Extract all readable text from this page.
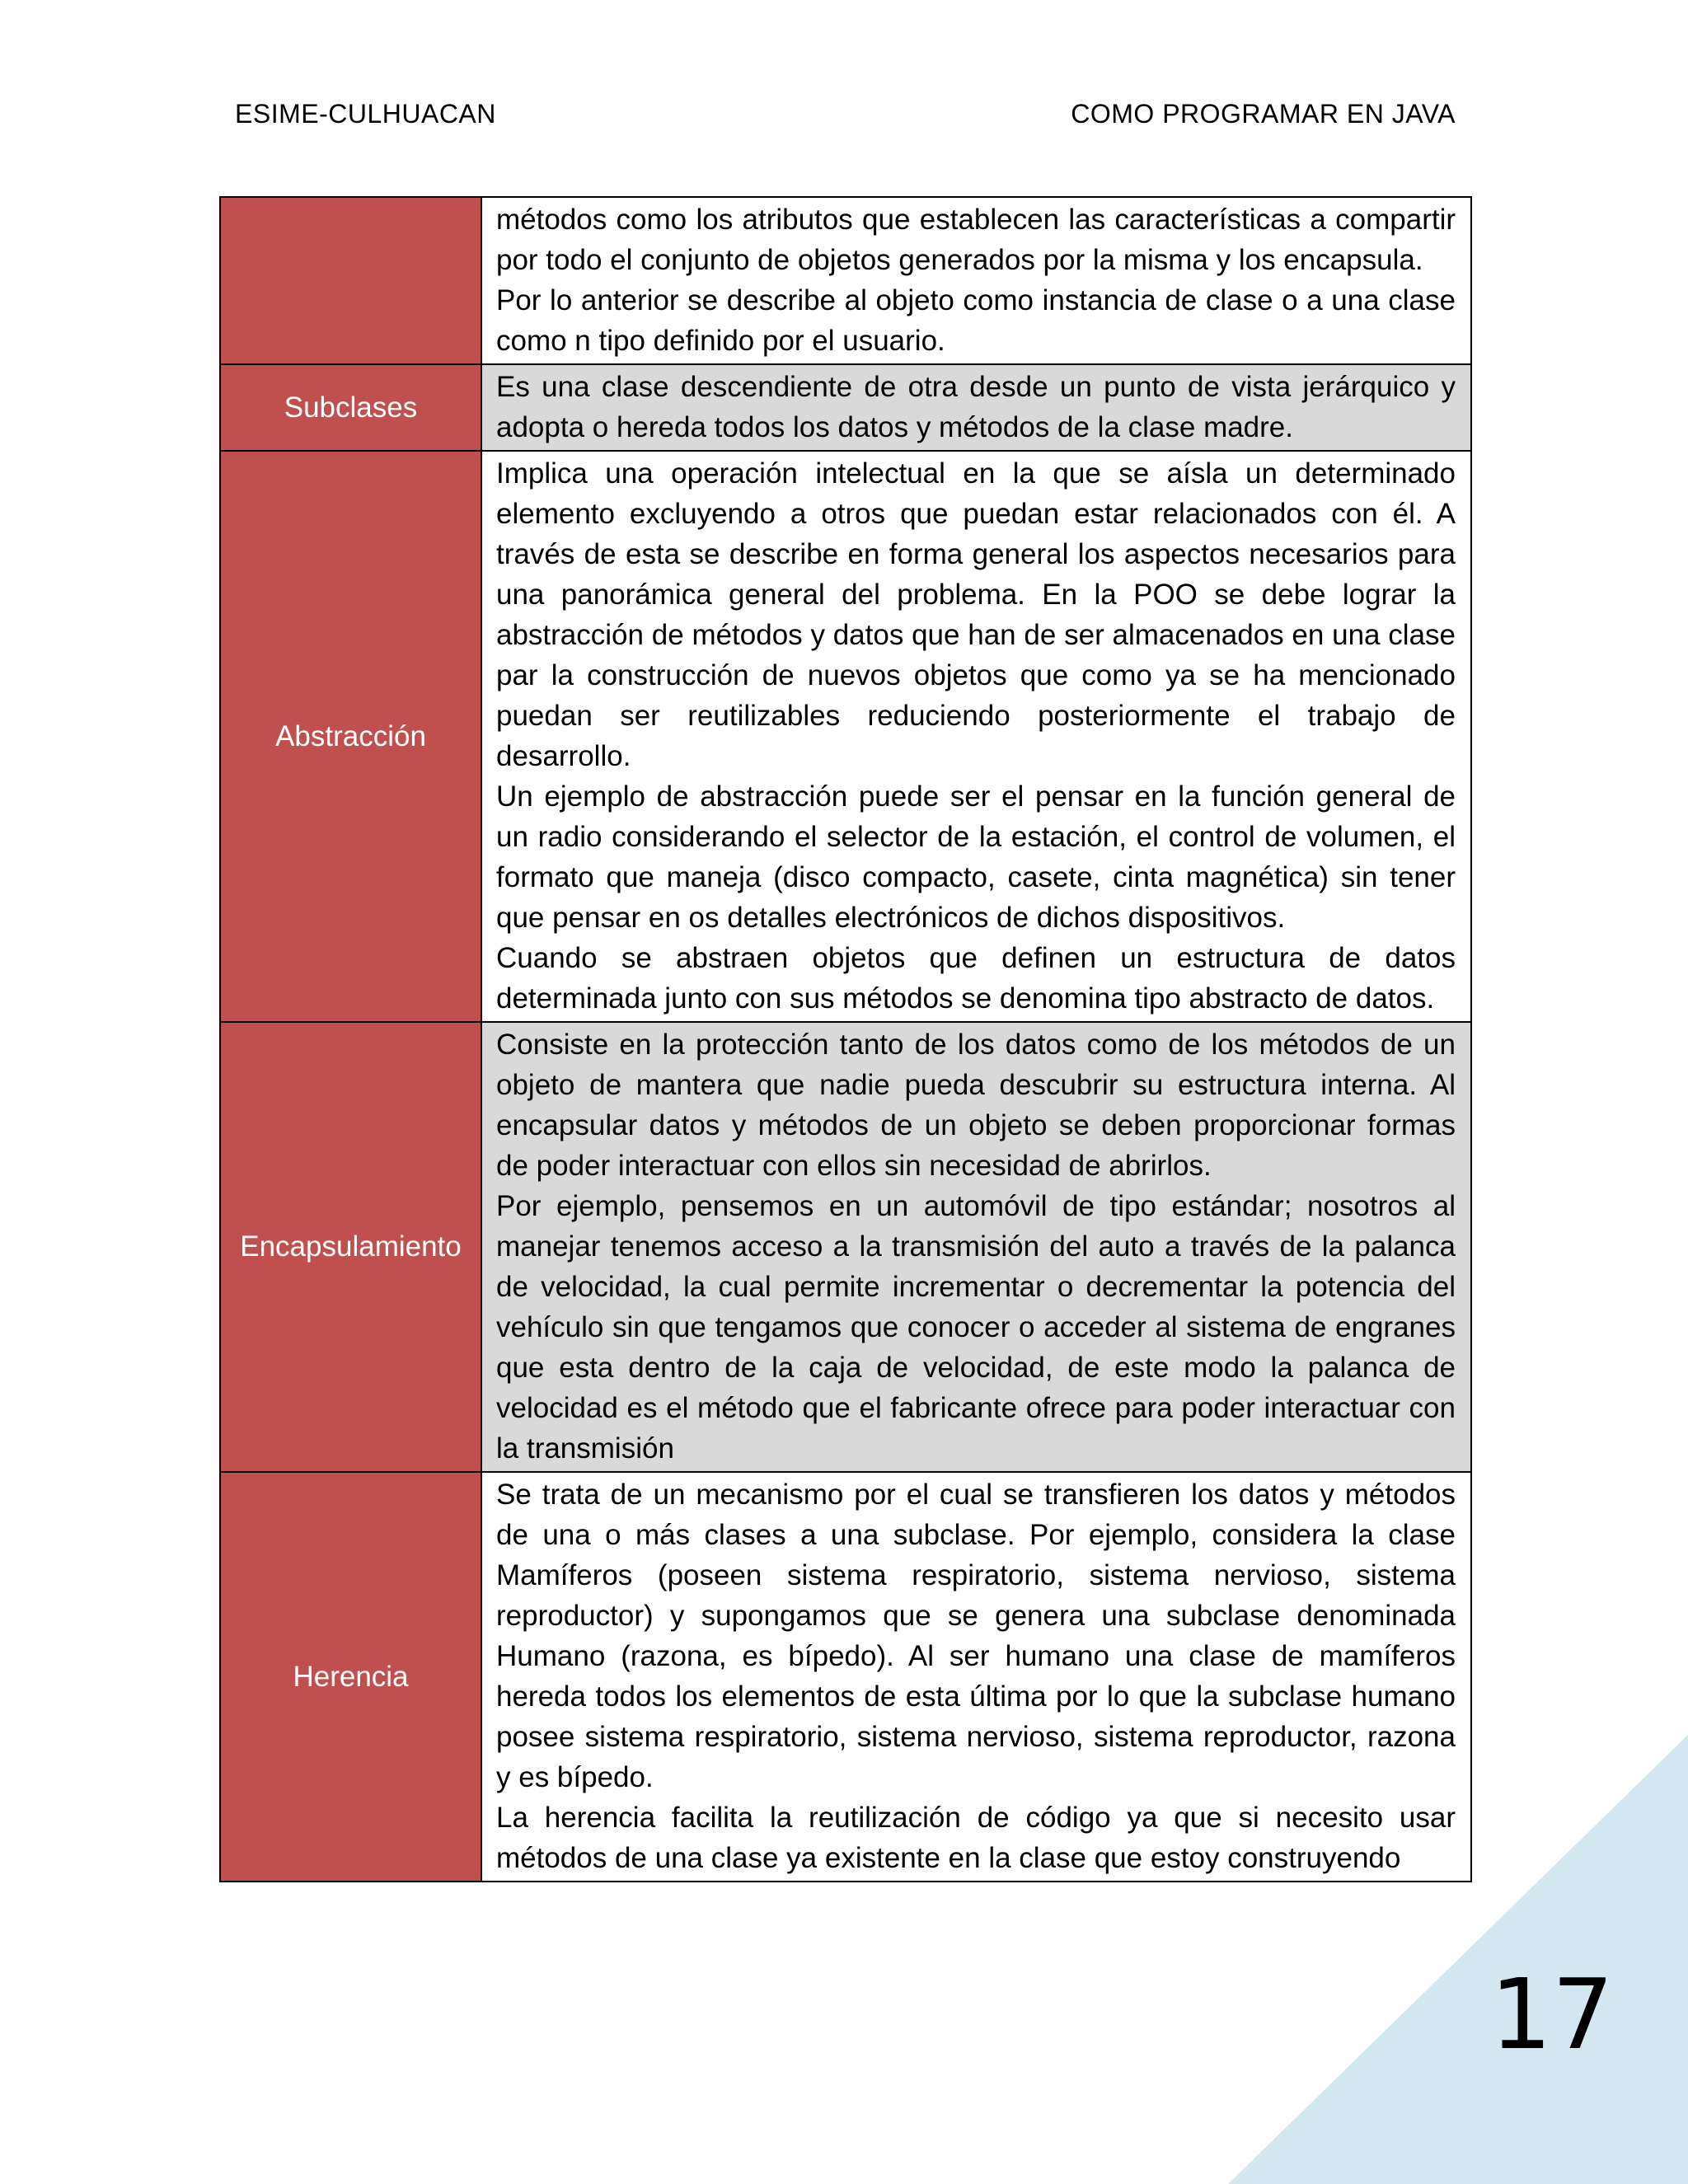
ESIME-CULHUACAN	COMO PROGRAMAR EN JAVA

	métodos como los atributos que establecen las características a compartir por todo el conjunto de objetos generados por la misma y los encapsula.

Por lo anterior se describe al objeto como instancia de clase o a una clase como n tipo definido por el usuario.

Subclases	Es una clase descendiente de otra desde un punto de vista jerárquico y adopta o hereda todos los datos y métodos de la clase madre.

Abstracción	Implica una operación intelectual en la que se aísla un determinado elemento excluyendo a otros que puedan estar relacionados con él. A través de esta se describe en forma general los aspectos necesarios para una panorámica general del problema. En la POO se debe lograr la abstracción de métodos y datos que han de ser almacenados en una clase par la construcción de nuevos objetos que como ya se ha mencionado puedan ser reutilizables reduciendo posteriormente el trabajo de desarrollo.

Un ejemplo de abstracción puede ser el pensar en la función general de un radio considerando el selector de la estación, el control de volumen, el formato que maneja (disco compacto, casete, cinta magnética) sin tener que pensar en os detalles electrónicos de dichos dispositivos.

Cuando se abstraen objetos que definen un estructura de datos determinada junto con sus métodos se denomina tipo abstracto de datos.

Encapsulamiento	Consiste en la protección tanto de los datos como de los métodos de un objeto de mantera que nadie pueda descubrir su estructura interna. Al encapsular datos y métodos de un objeto se deben proporcionar formas de poder interactuar con ellos sin necesidad de abrirlos.

Por ejemplo, pensemos en un automóvil de tipo estándar; nosotros al manejar tenemos acceso a la transmisión del auto a través de la palanca de velocidad, la cual permite incrementar o decrementar la potencia del vehículo sin que tengamos que conocer o acceder al sistema de engranes que esta dentro de la caja de velocidad, de este modo la palanca de velocidad es el método que el fabricante ofrece para poder interactuar con la transmisión

Herencia	Se trata de un mecanismo por el cual se transfieren los datos y métodos de una o más clases a una subclase. Por ejemplo, considera la clase Mamíferos (poseen sistema respiratorio, sistema nervioso, sistema reproductor) y supongamos que se genera una subclase denominada Humano (razona, es bípedo). Al ser humano una clase de mamíferos hereda todos los elementos de esta última por lo que la subclase humano posee sistema respiratorio, sistema nervioso, sistema reproductor, razona y es bípedo.

La herencia facilita la reutilización de código ya que si necesito usar métodos de una clase ya existente en la clase que estoy construyendo

17
